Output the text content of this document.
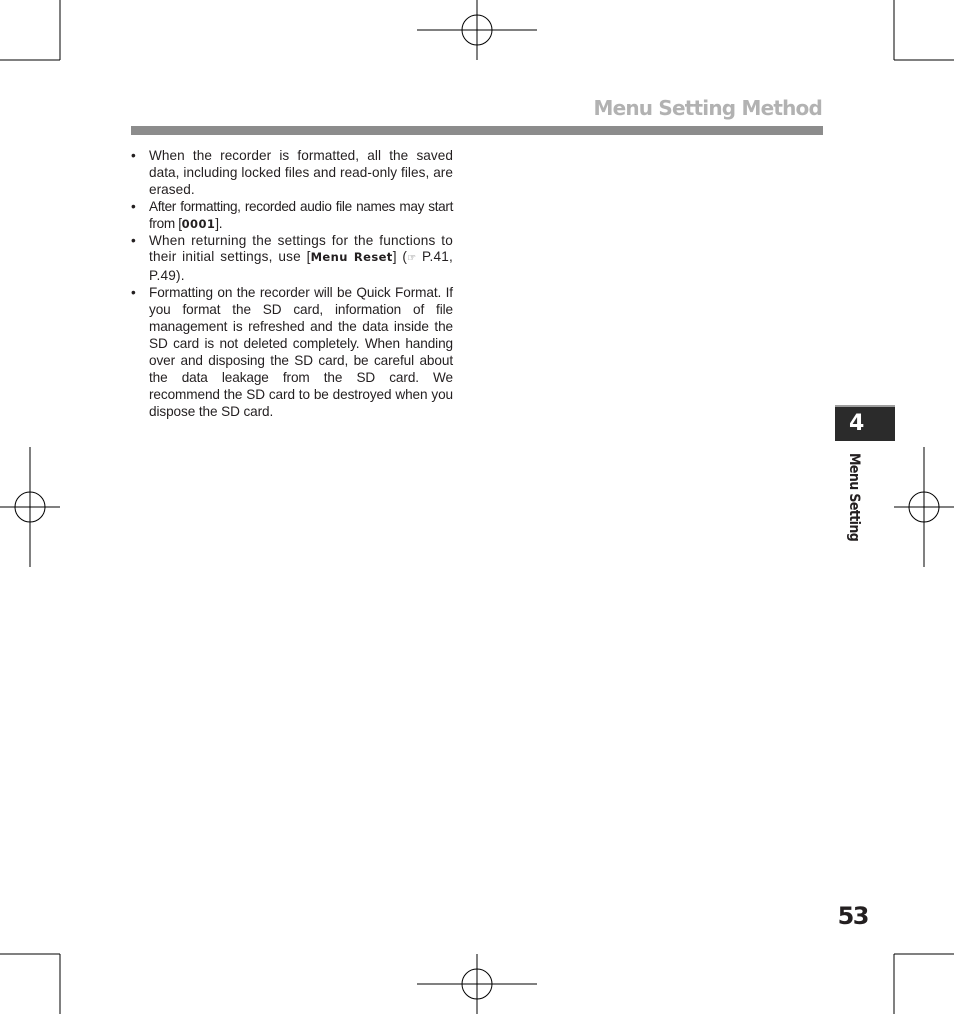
Menu Setting Method
• When the recorder is formatted, all the saved data, including locked files and read-only files, are erased.
• After formatting, recorded audio file names may start from [0001].
• When returning the settings for the functions to their initial settings, use [Menu Reset] (☞ P.41, P.49).
• Formatting on the recorder will be Quick Format. If you format the SD card, information of file management is refreshed and the data inside the SD card is not deleted completely. When handing over and disposing the SD card, be careful about the data leakage from the SD card. We recommend the SD card to be destroyed when you dispose the SD card.	4
Menu Setting
53
